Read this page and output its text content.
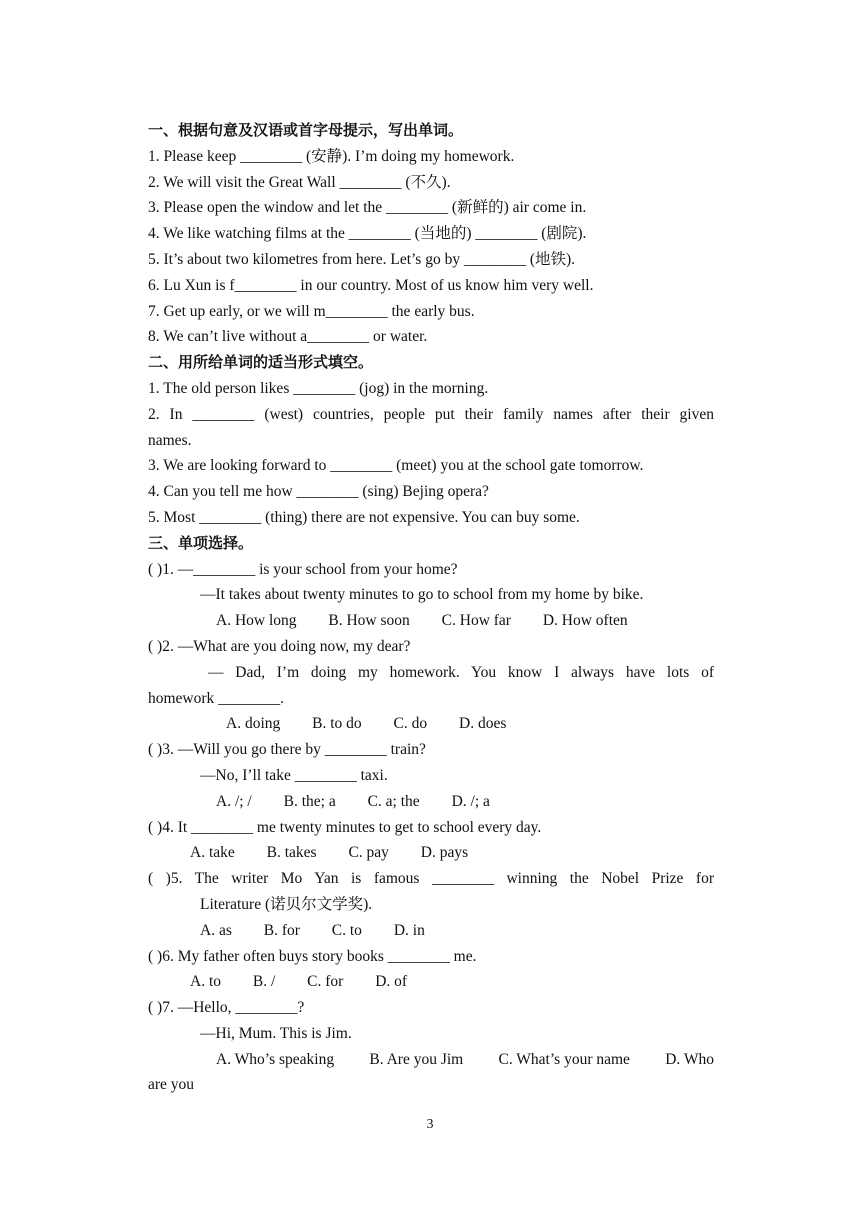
一、根据句意及汉语或首字母提示，写出单词。
1. Please keep ________ (安静). I’m doing my homework.
2. We will visit the Great Wall ________ (不久).
3. Please open the window and let the ________ (新鲜的) air come in.
4. We like watching films at the ________ (当地的) ________ (剧院).
5. It’s about two kilometres from here. Let’s go by ________ (地铁).
6. Lu Xun is f________ in our country. Most of us know him very well.
7. Get up early, or we will m________ the early bus.
8. We can’t live without a________ or water.
二、用所给单词的适当形式填空。
1. The old person likes ________ (jog) in the morning.
2. In ________ (west) countries, people put their family names after their given
names.
3. We are looking forward to ________ (meet) you at the school gate tomorrow.
4. Can you tell me how ________ (sing) Bejing opera?
5. Most ________ (thing) there are not expensive. You can buy some.
三、单项选择。
( )1. —________ is your school from your home?
—It takes about twenty minutes to go to school from my home by bike.
A. How long B. How soon C. How far D. How often
( )2. —What are you doing now, my dear?
— Dad, I’m doing my homework. You know I always have lots of
homework ________.
A. doing B. to do C. do D. does
( )3. —Will you go there by ________ train?
—No, I’ll take ________ taxi.
A. /; / B. the; a C. a; the D. /; a
( )4. It ________ me twenty minutes to get to school every day.
A. take B. takes C. pay D. pays
( )5. The writer Mo Yan is famous ________ winning the Nobel Prize for
Literature (诺贝尔文学奖).
A. as B. for C. to D. in
( )6. My father often buys story books ________ me.
A. to B. / C. for D. of
( )7. —Hello, ________?
—Hi, Mum. This is Jim.
A. Who’s speaking B. Are you Jim C. What’s your name D. Who
are you
3
